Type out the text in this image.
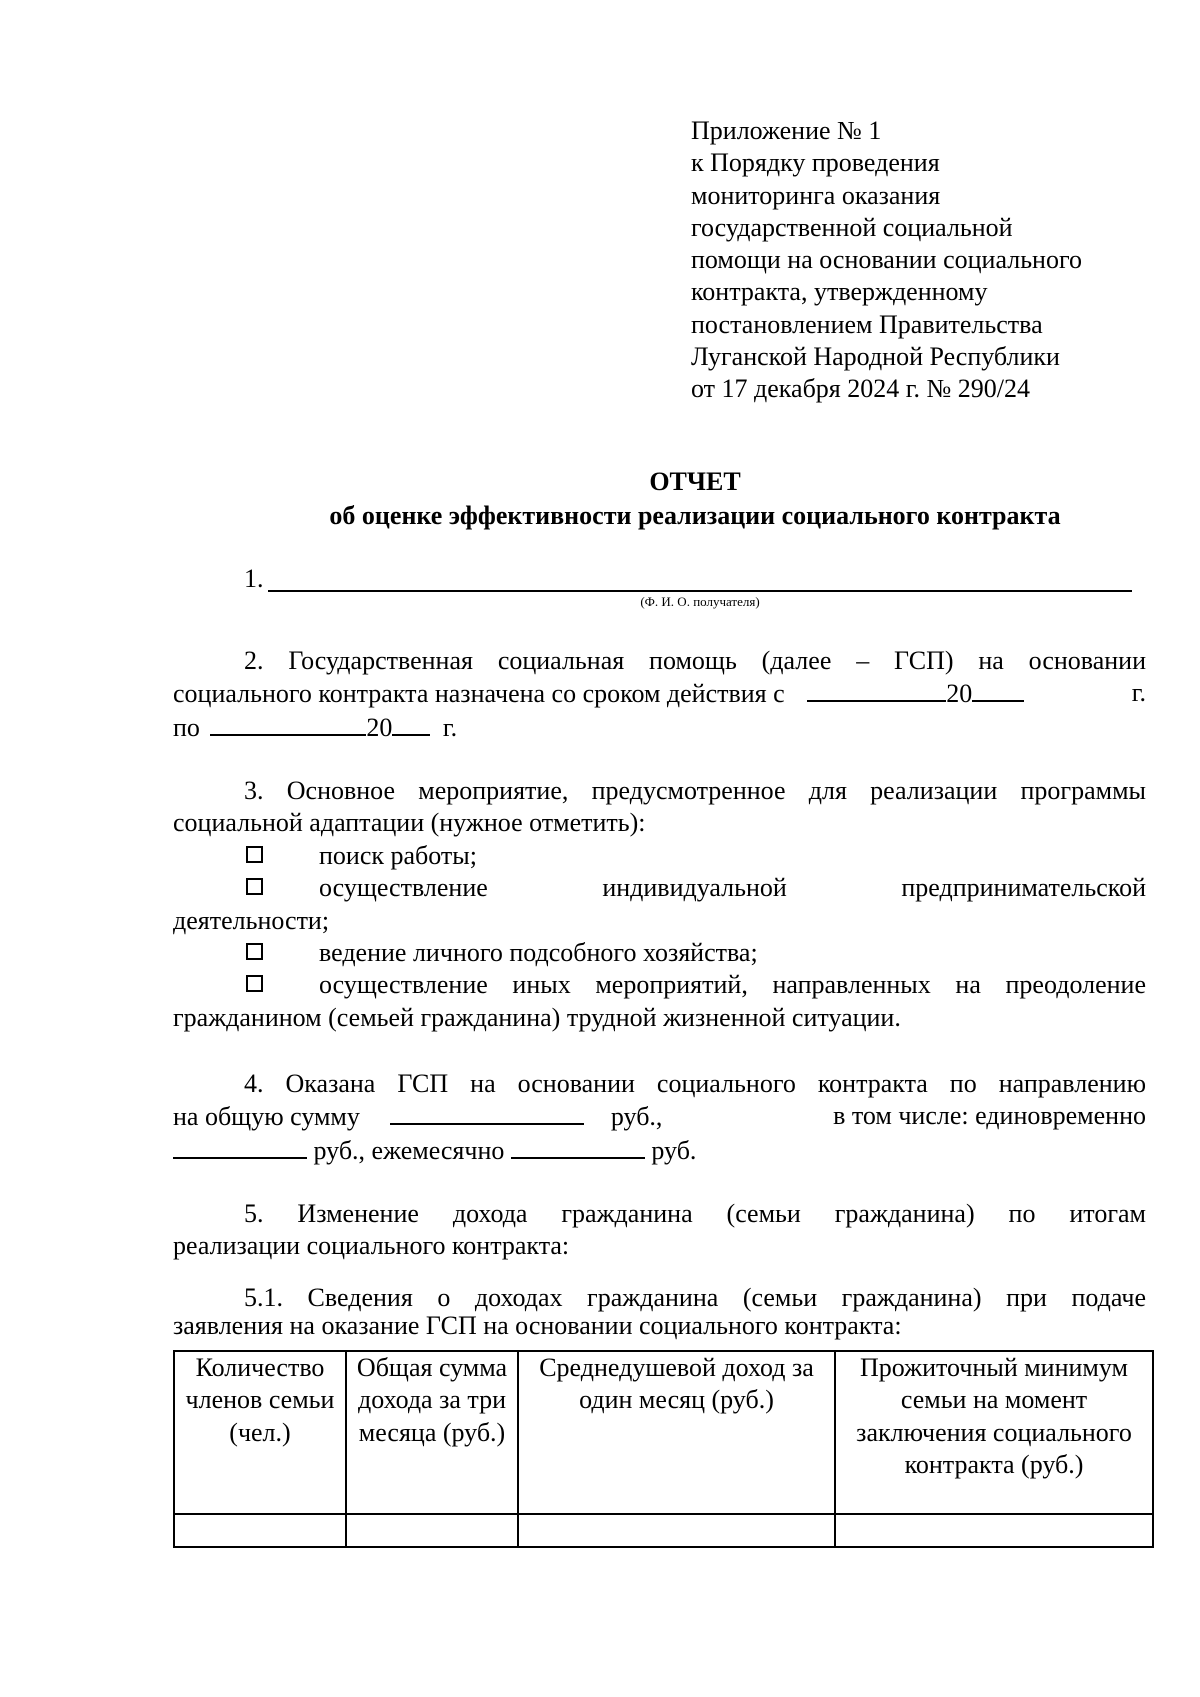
Приложение № 1
к Порядку проведения
мониторинга оказания
государственной социальной
помощи на основании социального
контракта, утвержденному
постановлением Правительства
Луганской Народной Республики
от 17 декабря 2024 г. № 290/24
ОТЧЕТ
об оценке эффективности реализации социального контракта
1.
(Ф. И. О. получателя)
2. Государственная социальная помощь (далее – ГСП) на основании
социального контракта назначена со сроком действия с	20	г.
по	20 г.
3. Основное мероприятие, предусмотренное для реализации программы
социальной адаптации (нужное отметить):
поиск работы;
осуществление	индивидуальной	предпринимательской
деятельности;
ведение личного подсобного хозяйства;
осуществление иных мероприятий, направленных на преодоление
гражданином (семьей гражданина) трудной жизненной ситуации.
4. Оказана ГСП на основании социального контракта по направлению
на общую сумму	руб.,	в том числе: единовременно
руб., ежемесячно	руб.
5. Изменение дохода гражданина (семьи гражданина) по итогам
реализации социального контракта:
5.1. Сведения о доходах гражданина (семьи гражданина) при подаче
заявления на оказание ГСП на основании социального контракта:
Количество членов семьи (чел.)	Общая сумма дохода за три месяца (руб.)	Среднедушевой доход за один месяц (руб.)	Прожиточный минимум семьи на момент заключения социального контракта (руб.)
